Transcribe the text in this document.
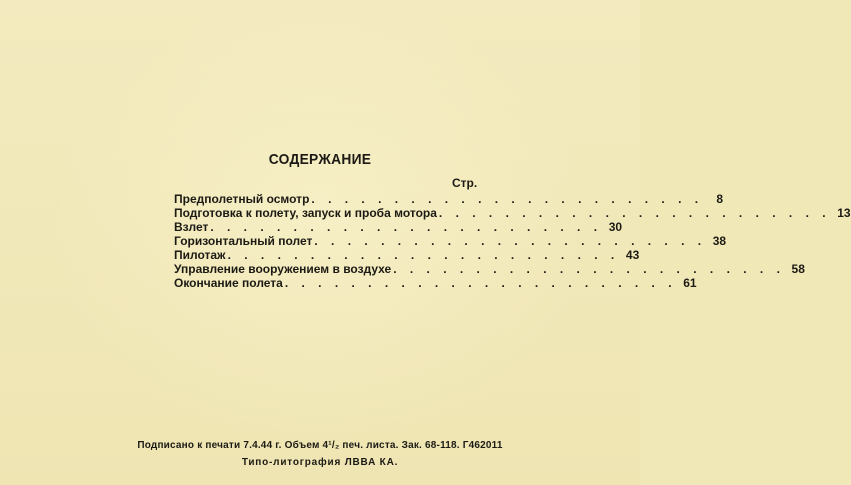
СОДЕРЖАНИЕ
Стр.
Предполетный осмотр . . . . . . . . . . . . . . . . . . . . . . . .	8
Подготовка к полету, запуск и проба мотора . . . . . . . . . . . . . . . . . . . . . . . . 13
Взлет . . . . . . . . . . . . . . . . . . . . . . . . 30
Горизонтальный полет . . . . . . . . . . . . . . . . . . . . . . . . 38
Пилотаж . . . . . . . . . . . . . . . . . . . . . . . . 43
Управление вооружением в воздухе . . . . . . . . . . . . . . . . . . . . . . . . 58
Окончание полета . . . . . . . . . . . . . . . . . . . . . . . . 61
Подписано к печати 7.4.44 г. Объем 4¹/₂ печ. листа. Зак. 68-118. Г462011
Типо-литография ЛВВА КА.
